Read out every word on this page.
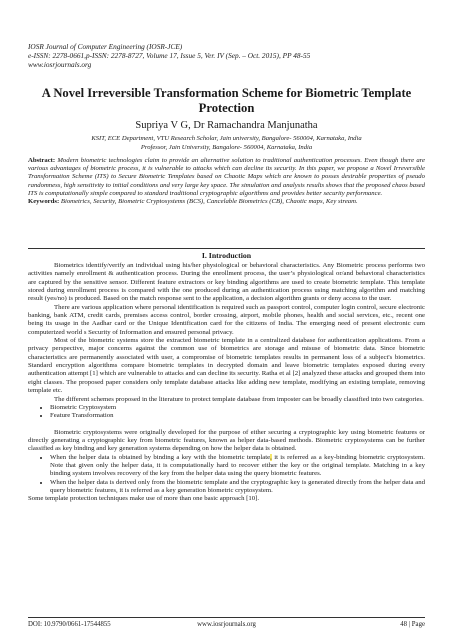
IOSR Journal of Computer Engineering (IOSR-JCE)
e-ISSN: 2278-0661,p-ISSN: 2278-8727, Volume 17, Issue 5, Ver. IV (Sep. – Oct. 2015), PP 48-55
www.iosrjournals.org
A Novel Irreversible Transformation Scheme for Biometric Template Protection
Supriya V G, Dr Ramachandra Manjunatha
KSIT, ECE Department, VTU Research Scholar, Jain university, Bangalore- 560004, Karnataka, India
Professor, Jain University, Bangalore- 560004, Karnataka, India
Abstract: Modern biometric technologies claim to provide an alternative solution to traditional authentication processes. Even though there are various advantages of biometric process, it is vulnerable to attacks which can decline its security. In this paper, we propose a Novel Irreversible Transformation Scheme (ITS) to Secure Biometric Templates based on Chaotic Maps which are known to posses desirable properties of pseudo randomness, high sensitivity to initial conditions and very large key space. The simulation and analysis results shows that the proposed chaos based ITS is computationally simple compared to standard traditional cryptographic algorithms and provides better security performance.
Keywords: Biometrics, Security, Biometric Cryptosystems (BCS), Cancelable Biometrics (CB), Chaotic maps, Key stream.
I. Introduction

Biometrics identify/verify an individual using his/her physiological or behavioral characteristics. Any Biometric process performs two activities namely enrollment & authentication process. During the enrollment process, the user’s physiological or/and behavioral characteristics are captured by the sensitive sensor. Different feature extractors or key binding algorithms are used to create biometric template. This template stored during enrollment process is compared with the one produced during an authentication process using matching algorithm and matching result (yes/no) is produced. Based on the match response sent to the application, a decision algorithm grants or deny access to the user.

There are various application where personal identification is required such as passport control, computer login control, secure electronic banking, bank ATM, credit cards, premises access control, border crossing, airport, mobile phones, health and social services, etc., recent one being its usage in the Aadhar card or the Unique Identification card for the citizens of India. The emerging need of present electronic cum computerized world s Security of Information and ensured personal privacy.

Most of the biometric systems store the extracted biometric template in a centralized database for authentication applications. From a privacy perspective, major concerns against the common use of biometrics are storage and misuse of biometric data. Since biometric characteristics are permanently associated with user, a compromise of biometric templates results in permanent loss of a subject's biometrics. Standard encryption algorithms compare biometric templates in decrypted domain and leave biometric templates exposed during every authentication attempt [1] which are vulnerable to attacks and can decline its security. Ratha et al [2] analyzed these attacks and grouped them into eight classes. The proposed paper considers only template database attacks like adding new template, modifying an existing template, removing template etc.

The different schemes proposed in the literature to protect template database from imposter can be broadly classified into two categories.

• Biometric Cryptosystem
• Feature Transformation

Biometric cryptosystems were originally developed for the purpose of either securing a cryptographic key using biometric features or directly generating a cryptographic key from biometric features, known as helper data-based methods. Biometric cryptosystems can be further classified as key binding and key generation systems depending on how the helper data is obtained.

• When the helper data is obtained by binding a key with the biometric template, it is referred as a key-binding biometric cryptosystem. Note that given only the helper data, it is computationally hard to recover either the key or the original template. Matching in a key binding system involves recovery of the key from the helper data using the query biometric features.
• When the helper data is derived only from the biometric template and the cryptographic key is generated directly from the helper data and query biometric features, it is referred as a key generation biometric cryptosystem.

Some template protection techniques make use of more than one basic approach [10].

DOI: 10.9790/0661-17544855	www.iosrjournals.org	48 | Page
